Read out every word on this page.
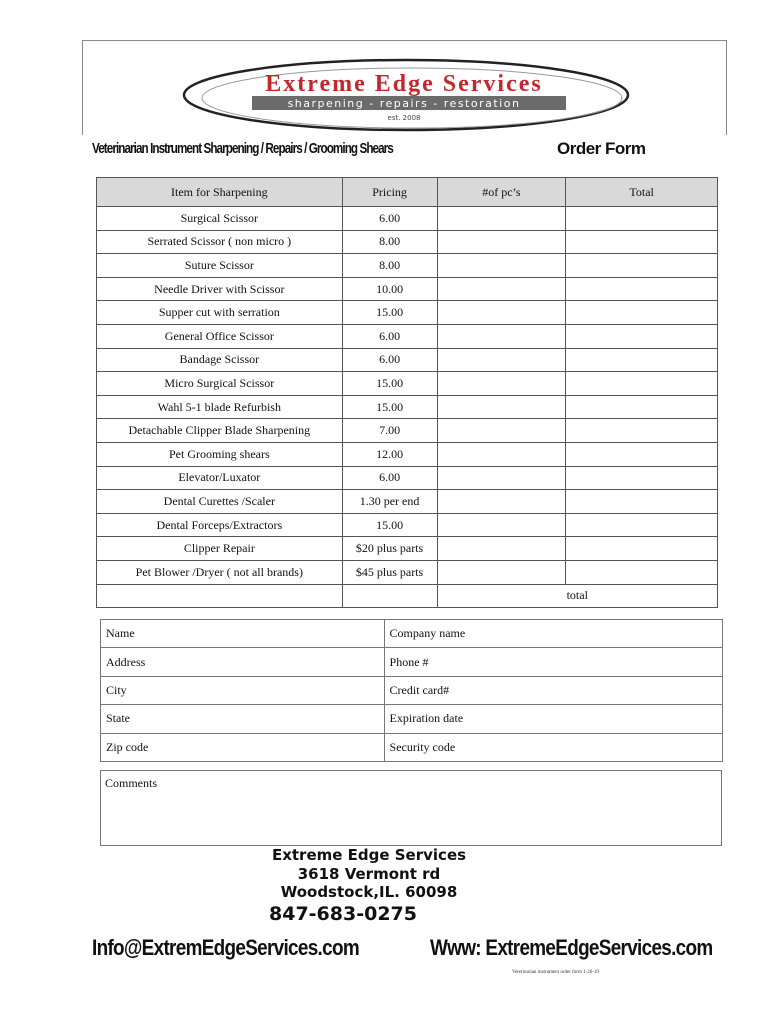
Extreme Edge Services
sharpening - repairs - restoration
est. 2008
Veterinarian Instrument Sharpening / Repairs / Grooming Shears	Order Form
Item for Sharpening	Pricing	#of pc’s	Total
Surgical Scissor	6.00		
Serrated Scissor ( non micro )	8.00		
Suture Scissor	8.00		
Needle Driver with Scissor	10.00		
Supper cut with serration	15.00		
General Office Scissor	6.00		
Bandage Scissor	6.00		
Micro Surgical Scissor	15.00		
Wahl 5-1 blade Refurbish	15.00		
Detachable Clipper Blade Sharpening	7.00		
Pet Grooming shears	12.00		
Elevator/Luxator	6.00		
Dental Curettes /Scaler	1.30 per end		
Dental Forceps/Extractors	15.00		
Clipper Repair	$20 plus parts		
Pet Blower /Dryer ( not all brands)	$45 plus parts		
		total	
Name	Company name
Address	Phone #
City	Credit card#
State	Expiration date
Zip code	Security code
Comments
Extreme Edge Services
3618 Vermont rd
Woodstock,IL. 60098
847-683-0275
Info@ExtremEdgeServices.com	Www: ExtremeEdgeServices.com
Veterinarian instrument order form 1-26-19
